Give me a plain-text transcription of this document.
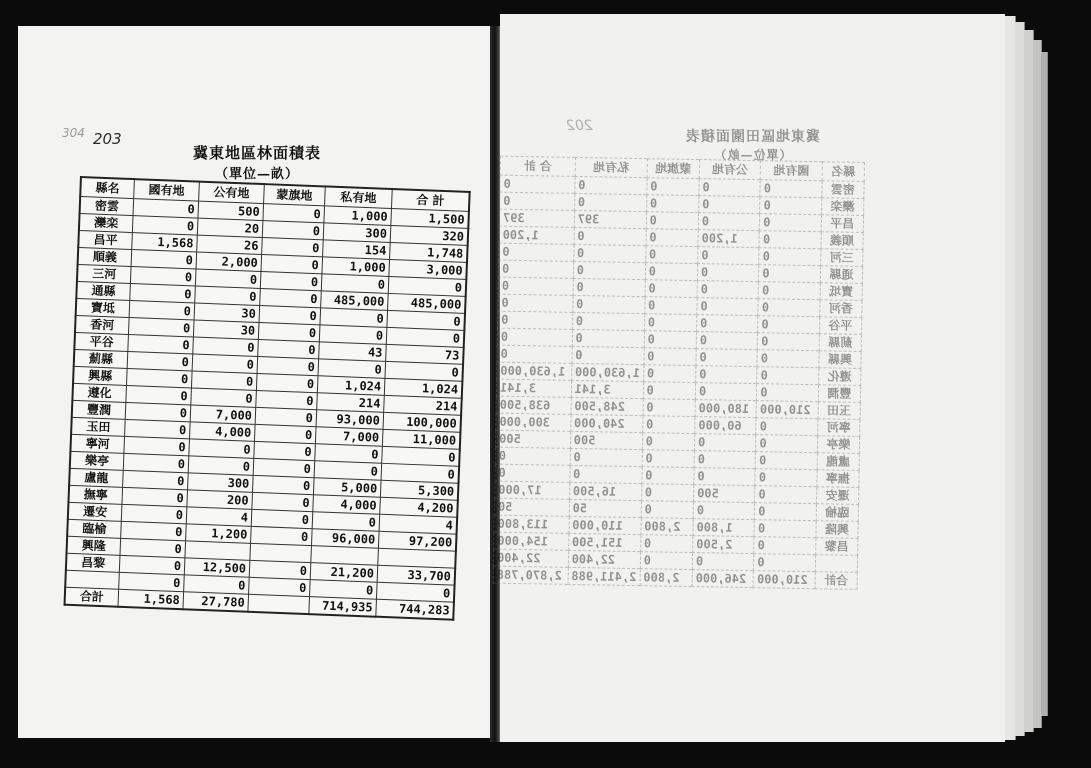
304 203
冀東地區林面積表
（單位—畝）
縣名	國有地	公有地	蒙旗地	私有地	合 計
密雲	0	500	0	1,000	1,500
灤栾	0	20	0	300	320
昌平	1,568	26	0	154	1,748
順義	0	2,000	0	1,000	3,000
三河	0	0	0	0	0
通縣	0	0	0	485,000	485,000
寶坻	0	30	0	0	0
香河	0	30	0	0	0
平谷	0	0	0	43	73
薊縣	0	0	0	0	0
興縣	0	0	0	1,024	1,024
遵化	0	0	0	214	214
豐潤	0	7,000	0	93,000	100,000
玉田	0	4,000	0	7,000	11,000
寧河	0	0	0	0	0
樂亭	0	0	0	0	0
盧龍	0	300	0	5,000	5,300
撫寧	0	200	0	4,000	4,200
遷安	0	4	0	0	4
臨榆	0	1,200	0	96,000	97,200
興隆	0				
昌黎	0	12,500	0	21,200	33,700
	0	0	0	0	0
合計	1,568	27,780		714,935	744,283
202
冀東地區田園面積表
（單位—畝）
縣名	國有地	公有地	蒙旗地	私有地	合 計
密雲	0	0	0	0	0
灤栾	0	0	0	0	0
昌平	0	0	0	397	397
順義	0	1,200	0	0	1,200
三河	0	0	0	0	0
通縣	0	0	0	0	0
寶坻	0	0	0	0	0
香河	0	0	0	0	0
平谷	0	0	0	0	0
薊縣	0	0	0	0	0
興縣	0	0	0	0	0
遵化	0	0	0	1,630,000	1,630,000
豐潤	0	0	0	3,141	3,141
玉田	210,000	180,000	0	248,500	638,500
寧河	0	60,000	0	240,000	300,000
樂亭	0	0	0	500	500
盧龍	0	0	0	0	0
撫寧	0	0	0	0	0
遷安	0	500	0	16,500	17,000
臨榆	0	0	0	50	50
興隆	0	1,800	2,800	110,000	113,800
昌黎	0	2,500	0	151,500	154,000
	0	0	0	22,400	22,400
合計	210,000	246,000	2,800	2,411,988	2,870,788
